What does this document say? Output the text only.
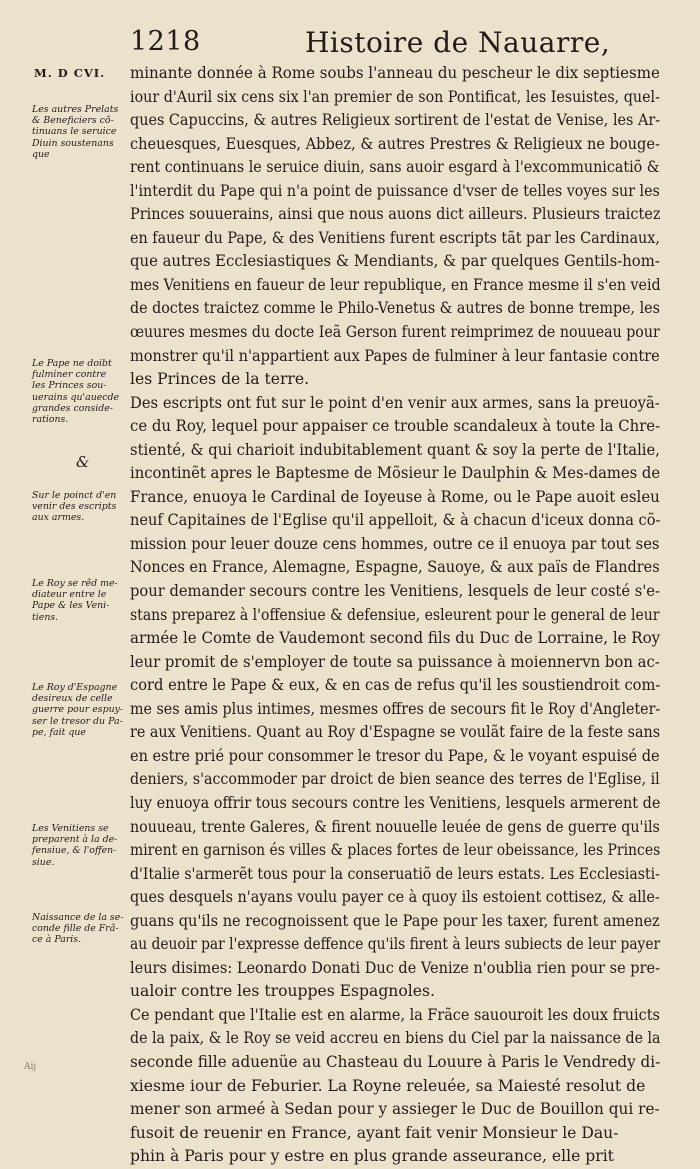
1218	Histoire de Nauarre,
M. D CVI. minante donnée à Rome soubs l'anneau du pescheur le dix septiesme
iour d'Auril six cens six l'an premier de son Pontificat, les Iesuistes, quel-
ques Capuccins, & autres Religieux sortirent de l'estat de Venise, les Ar-
cheuesques, Euesques, Abbez, & autres Prestres & Religieux ne bouge-
rent continuans le seruice diuin, sans auoir esgard à l'excommunicatiõ &
l'interdit du Pape qui n'a point de puissance d'vser de telles voyes sur les
Princes souuerains, ainsi que nous auons dict ailleurs. Plusieurs traictez
en faueur du Pape, & des Venitiens furent escripts tãt par les Cardinaux,
que autres Ecclesiastiques & Mendiants, & par quelques Gentils-hom-
mes Venitiens en faueur de leur republique, en France mesme il s'en veid
de doctes traictez comme le Philo-Venetus & autres de bonne trempe, les
œuures mesmes du docte Ieã Gerson furent reimprimez de nouueau pour
monstrer qu'il n'appartient aux Papes de fulminer à leur fantasie contre
les Princes de la terre.
Des escripts ont fut sur le point d'en venir aux armes, sans la preuoyã-
ce du Roy, lequel pour appaiser ce trouble scandaleux à toute la Chre-
stienté, & qui charioit indubitablement quant & soy la perte de l'Italie,
incontinẽt apres le Baptesme de Mõsieur le Daulphin & Mes-dames de
France, enuoya le Cardinal de Ioyeuse à Rome, ou le Pape auoit esleu
neuf Capitaines de l'Eglise qu'il appelloit, & à chacun d'iceux donna cõ-
mission pour leuer douze cens hommes, outre ce il enuoya par tout ses
Nonces en France, Alemagne, Espagne, Sauoye, & aux païs de Flandres
pour demander secours contre les Venitiens, lesquels de leur costé s'e-
stans preparez à l'offensiue & defensiue, esleurent pour le general de leur
armée le Comte de Vaudemont second fils du Duc de Lorraine, le Roy
leur promit de s'employer de toute sa puissance à moiennervn bon ac-
cord entre le Pape & eux, & en cas de refus qu'il les soustiendroit com-
me ses amis plus intimes, mesmes offres de secours fit le Roy d'Angleter-
re aux Venitiens. Quant au Roy d'Espagne se voulãt faire de la feste sans
en estre prié pour consommer le tresor du Pape, & le voyant espuisé de
deniers, s'accommoder par droict de bien seance des terres de l'Eglise, il
luy enuoya offrir tous secours contre les Venitiens, lesquels armerent de
nouueau, trente Galeres, & firent nouuelle leuée de gens de guerre qu'ils
mirent en garnison és villes & places fortes de leur obeissance, les Princes
d'Italie s'armerẽt tous pour la conseruatiõ de leurs estats. Les Ecclesiasti-
ques desquels n'ayans voulu payer ce à quoy ils estoient cottisez, & alle-
guans qu'ils ne recognoissent que le Pape pour les taxer, furent amenez
au deuoir par l'expresse deffence qu'ils firent à leurs subiects de leur payer
leurs disimes: Leonardo Donati Duc de Venize n'oublia rien pour se pre-
ualoir contre les trouppes Espagnoles.
Ce pendant que l'Italie est en alarme, la Frãce sauouroit les doux fruicts
de la paix, & le Roy se veid accreu en biens du Ciel par la naissance de la
seconde fille aduenüe au Chasteau du Louure à Paris le Vendredy di-
xiesme iour de Feburier. La Royne releuée, sa Maiesté resolut de
mener son armeé à Sedan pour y assieger le Duc de Bouillon qui re-
fusoit de reuenir en France, ayant fait venir Monsieur le Dau-
phin à Paris pour y estre en plus grande asseurance, elle prit
Les autres Prelats
& Beneficiers cõ-
tinuans le seruice
Diuin soustenans
que
Le Pape ne doibt
fulminer contre
les Princes sou-
uerains qu'auecde
grandes conside-
rations.
Sur le poinct d'en
venir des escripts
aux armes.
Le Roy se rẽd me-
diateur entre le
Pape & les Veni-
tiens.
Le Roy d'Espagne
desireux de celle
guerre pour espuy-
ser le tresor du Pa-
pe, fait que
Les Venitiens se
preparent à la de-
fensiue, & l'offen-
siue.
Naissance de la se-
conde fille de Frã-
ce à Paris.
&
Aij
